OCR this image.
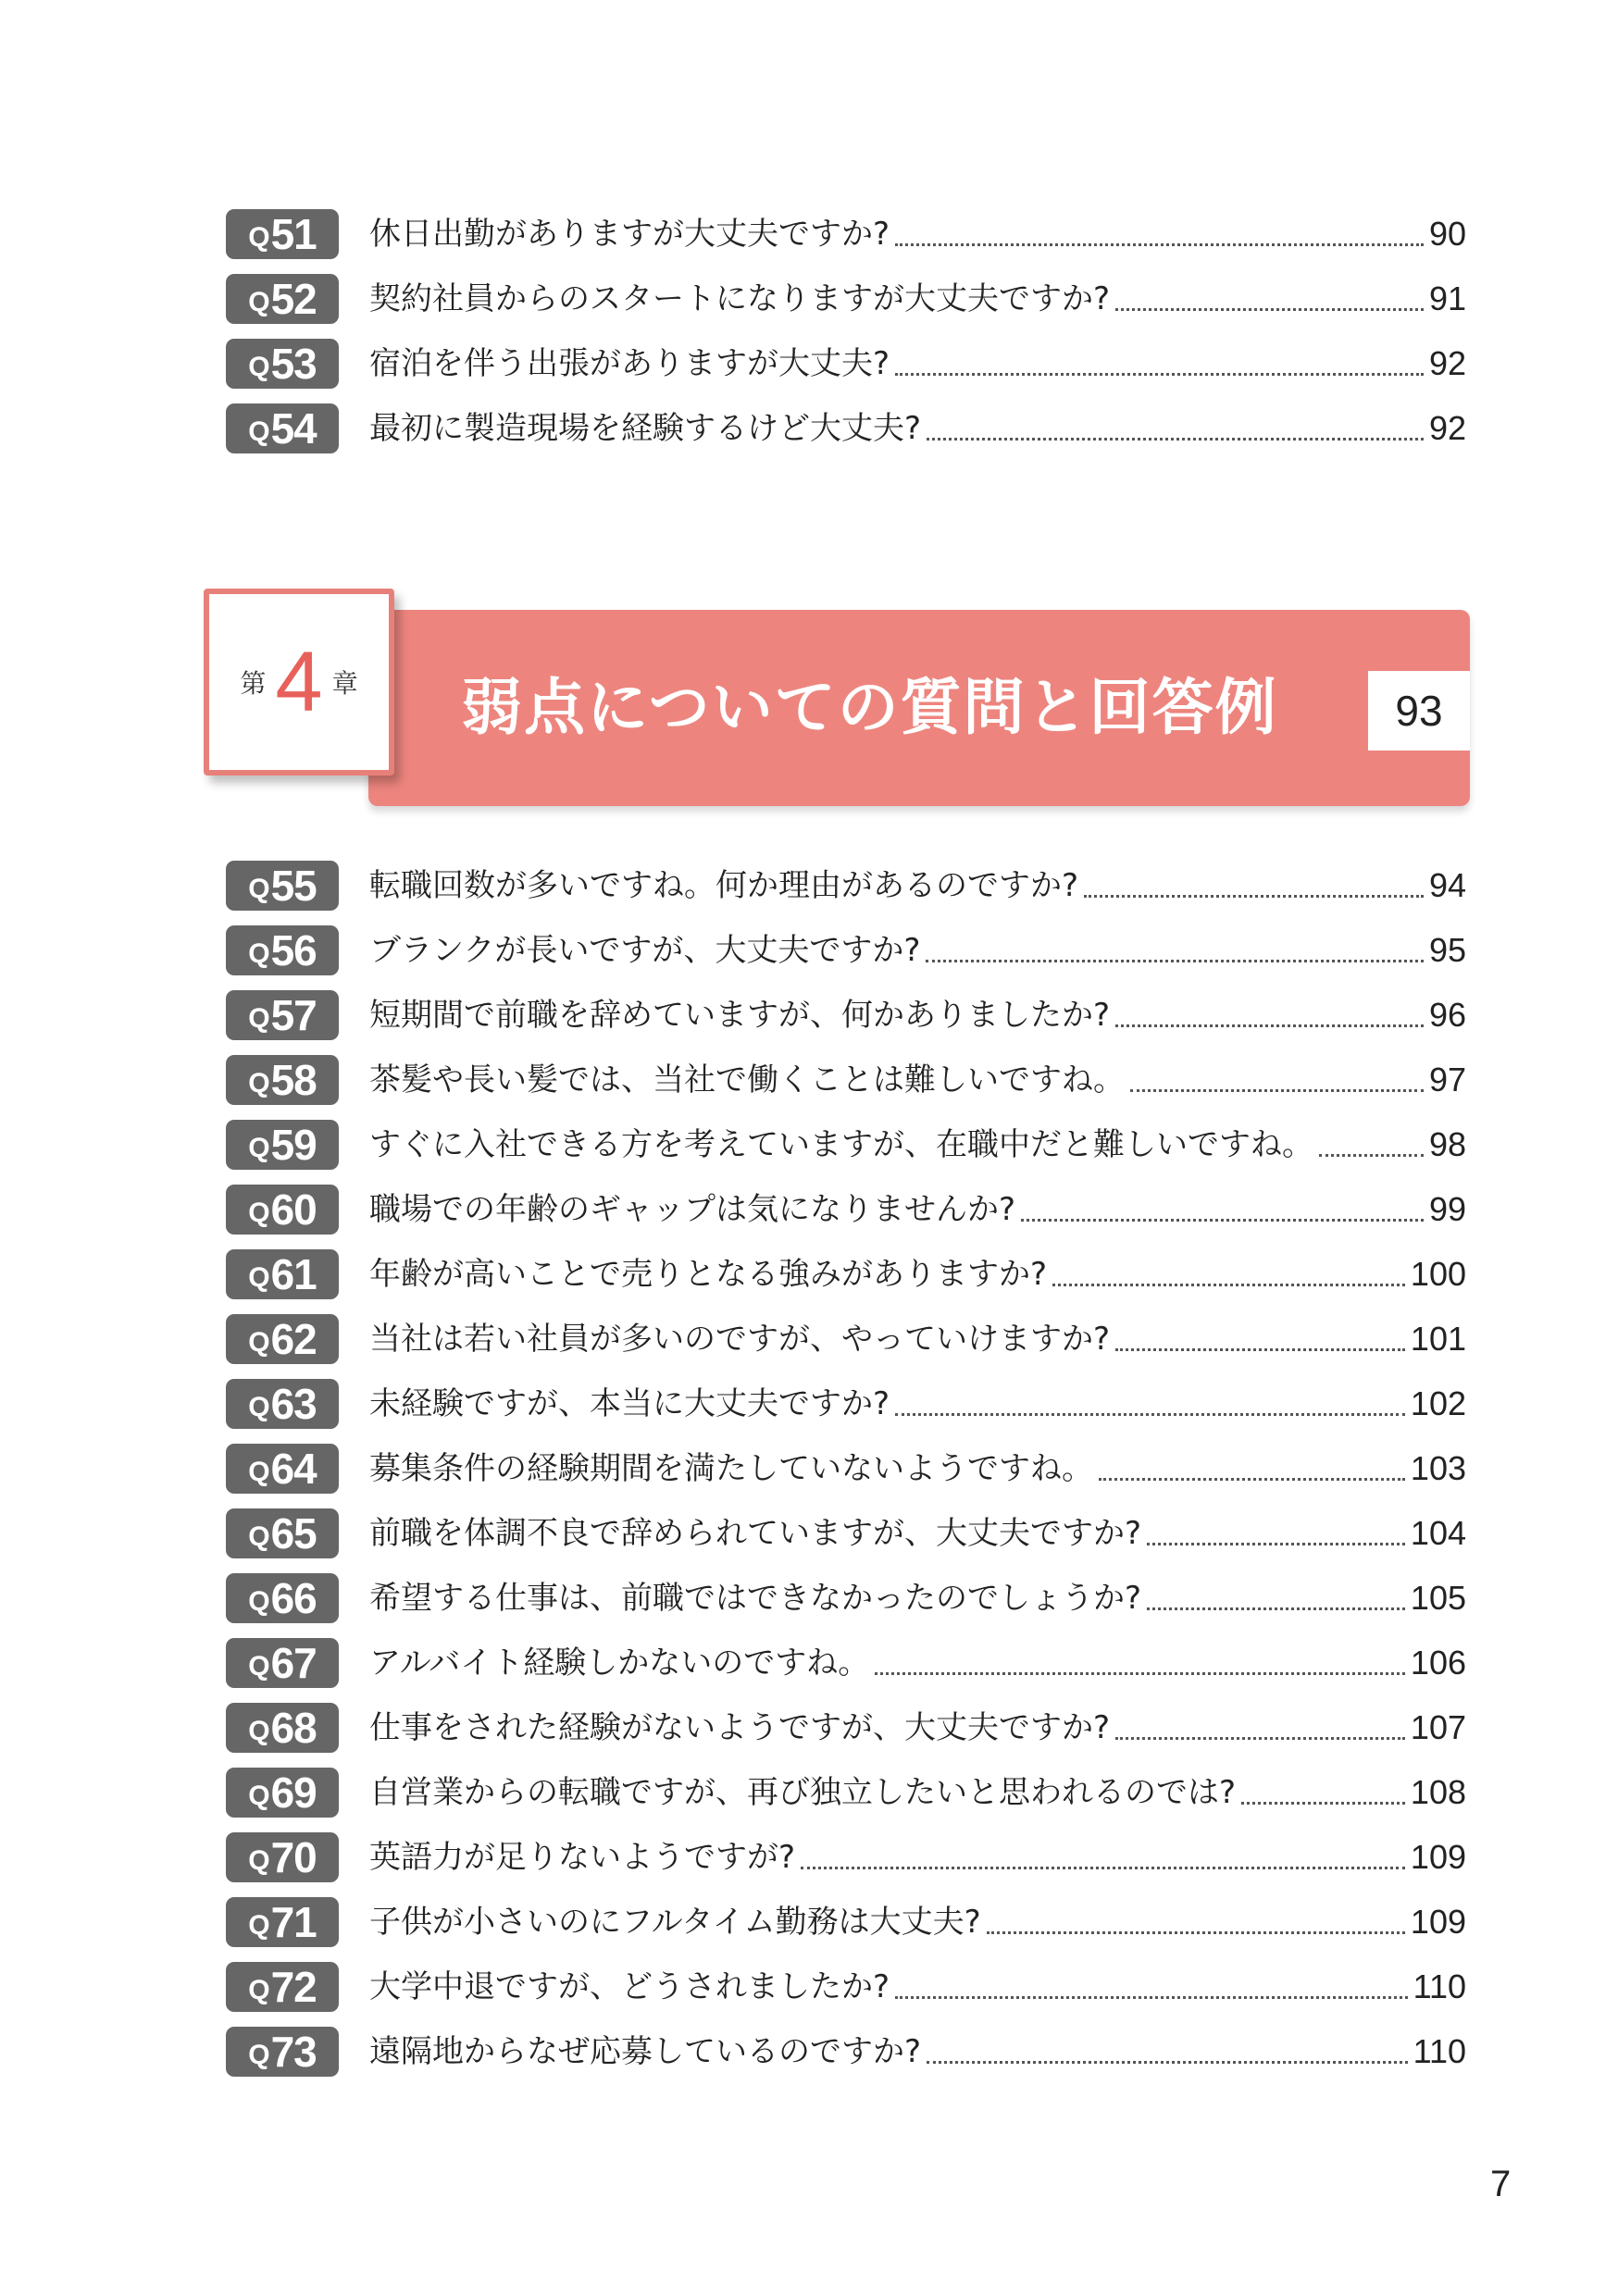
Q 51 休日出勤がありますが大丈夫ですか?	90
Q 52 契約社員からのスタートになりますが大丈夫ですか?	91
Q 53 宿泊を伴う出張がありますが大丈夫?	92
Q 54 最初に製造現場を経験するけど大丈夫?	92
弱点についての質問と回答例	93
第 4 章
Q 55 転職回数が多いですね。何か理由があるのですか?	94
Q 56 ブランクが長いですが、大丈夫ですか?	95
Q 57 短期間で前職を辞めていますが、何かありましたか?	96
Q 58 茶髪や長い髪では、当社で働くことは難しいですね。	97
Q 59 すぐに入社できる方を考えていますが、在職中だと難しいですね。	98
Q 60 職場での年齢のギャップは気になりませんか?	99
Q 61 年齢が高いことで売りとなる強みがありますか?	100
Q 62 当社は若い社員が多いのですが、やっていけますか?	101
Q 63 未経験ですが、本当に大丈夫ですか?	102
Q 64 募集条件の経験期間を満たしていないようですね。	103
Q 65 前職を体調不良で辞められていますが、大丈夫ですか?	104
Q 66 希望する仕事は、前職ではできなかったのでしょうか?	105
Q 67 アルバイト経験しかないのですね。	106
Q 68 仕事をされた経験がないようですが、大丈夫ですか?	107
Q 69 自営業からの転職ですが、再び独立したいと思われるのでは?	108
Q 70 英語力が足りないようですが?	109
Q 71 子供が小さいのにフルタイム勤務は大丈夫?	109
Q 72 大学中退ですが、どうされましたか?	110
Q 73 遠隔地からなぜ応募しているのですか?	110
7
